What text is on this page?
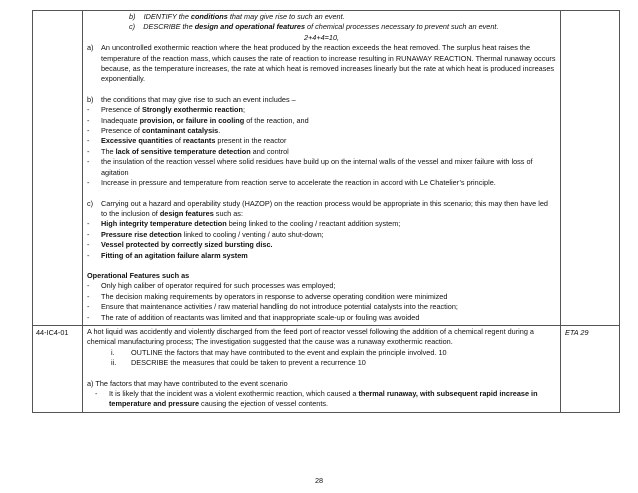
b) IDENTIFY the conditions that may give rise to such an event.

c) DESCRIBE the design and operational features of chemical processes necessary to prevent such an event.

2+4+4=10,

a)	An uncontrolled exothermic reaction where the heat produced by the reaction exceeds the heat removed. The surplus heat raises the temperature of the reaction mass, which causes the rate of reaction to increase resulting in RUNAWAY REACTION. Thermal runaway occurs because, as the temperature increases, the rate at which heat is removed increases linearly but the rate at which heat is produced increases exponentially.
b)	the conditions that may give rise to such an event includes –
-	Presence of Strongly exothermic reaction;
-	Inadequate provision, or failure in cooling of the reaction, and
-	Presence of contaminant catalysis.
-	Excessive quantities of reactants present in the reactor
-	The lack of sensitive temperature detection and control
-	the insulation of the reaction vessel where solid residues have build up on the internal walls of the vessel and mixer failure with loss of agitation
-	Increase in pressure and temperature from reaction serve to accelerate the reaction in accord with Le Chatelier’s principle.
c)	Carrying out a hazard and operability study (HAZOP) on the reaction process would be appropriate in this scenario; this may then have led to the inclusion of design features such as:
-	High integrity temperature detection being linked to the cooling / reactant addition system;
-	Pressure rise detection linked to cooling / venting / auto shut-down;
-	Vessel protected by correctly sized bursting disc.
-	Fitting of an agitation failure alarm system

Operational Features such as

-	Only high caliber of operator required for such processes was employed;
-	The decision making requirements by operators in response to adverse operating condition were minimized
-	Ensure that maintenance activities / raw material handling do not introduce potential catalysts into the reaction;
-	The rate of addition of reactants was limited and that inappropriate scale-up or fouling was avoided
44-IC4-01	A hot liquid was accidently and violently discharged from the feed port of reactor vessel following the addition of a chemical regent during a chemical manufacturing process; The investigation suggested that the cause was a runaway exothermic reaction.

i.	OUTLINE the factors that may have contributed to the event and explain the principle involved. 10
ii.	DESCRIBE the measures that could be taken to prevent a recurrence 10

a) The factors that may have contributed to the event scenario

-	It is likely that the incident was a violent exothermic reaction, which caused a thermal runaway, with subsequent rapid increase in temperature and pressure causing the ejection of vessel contents.
ETA 29
28
